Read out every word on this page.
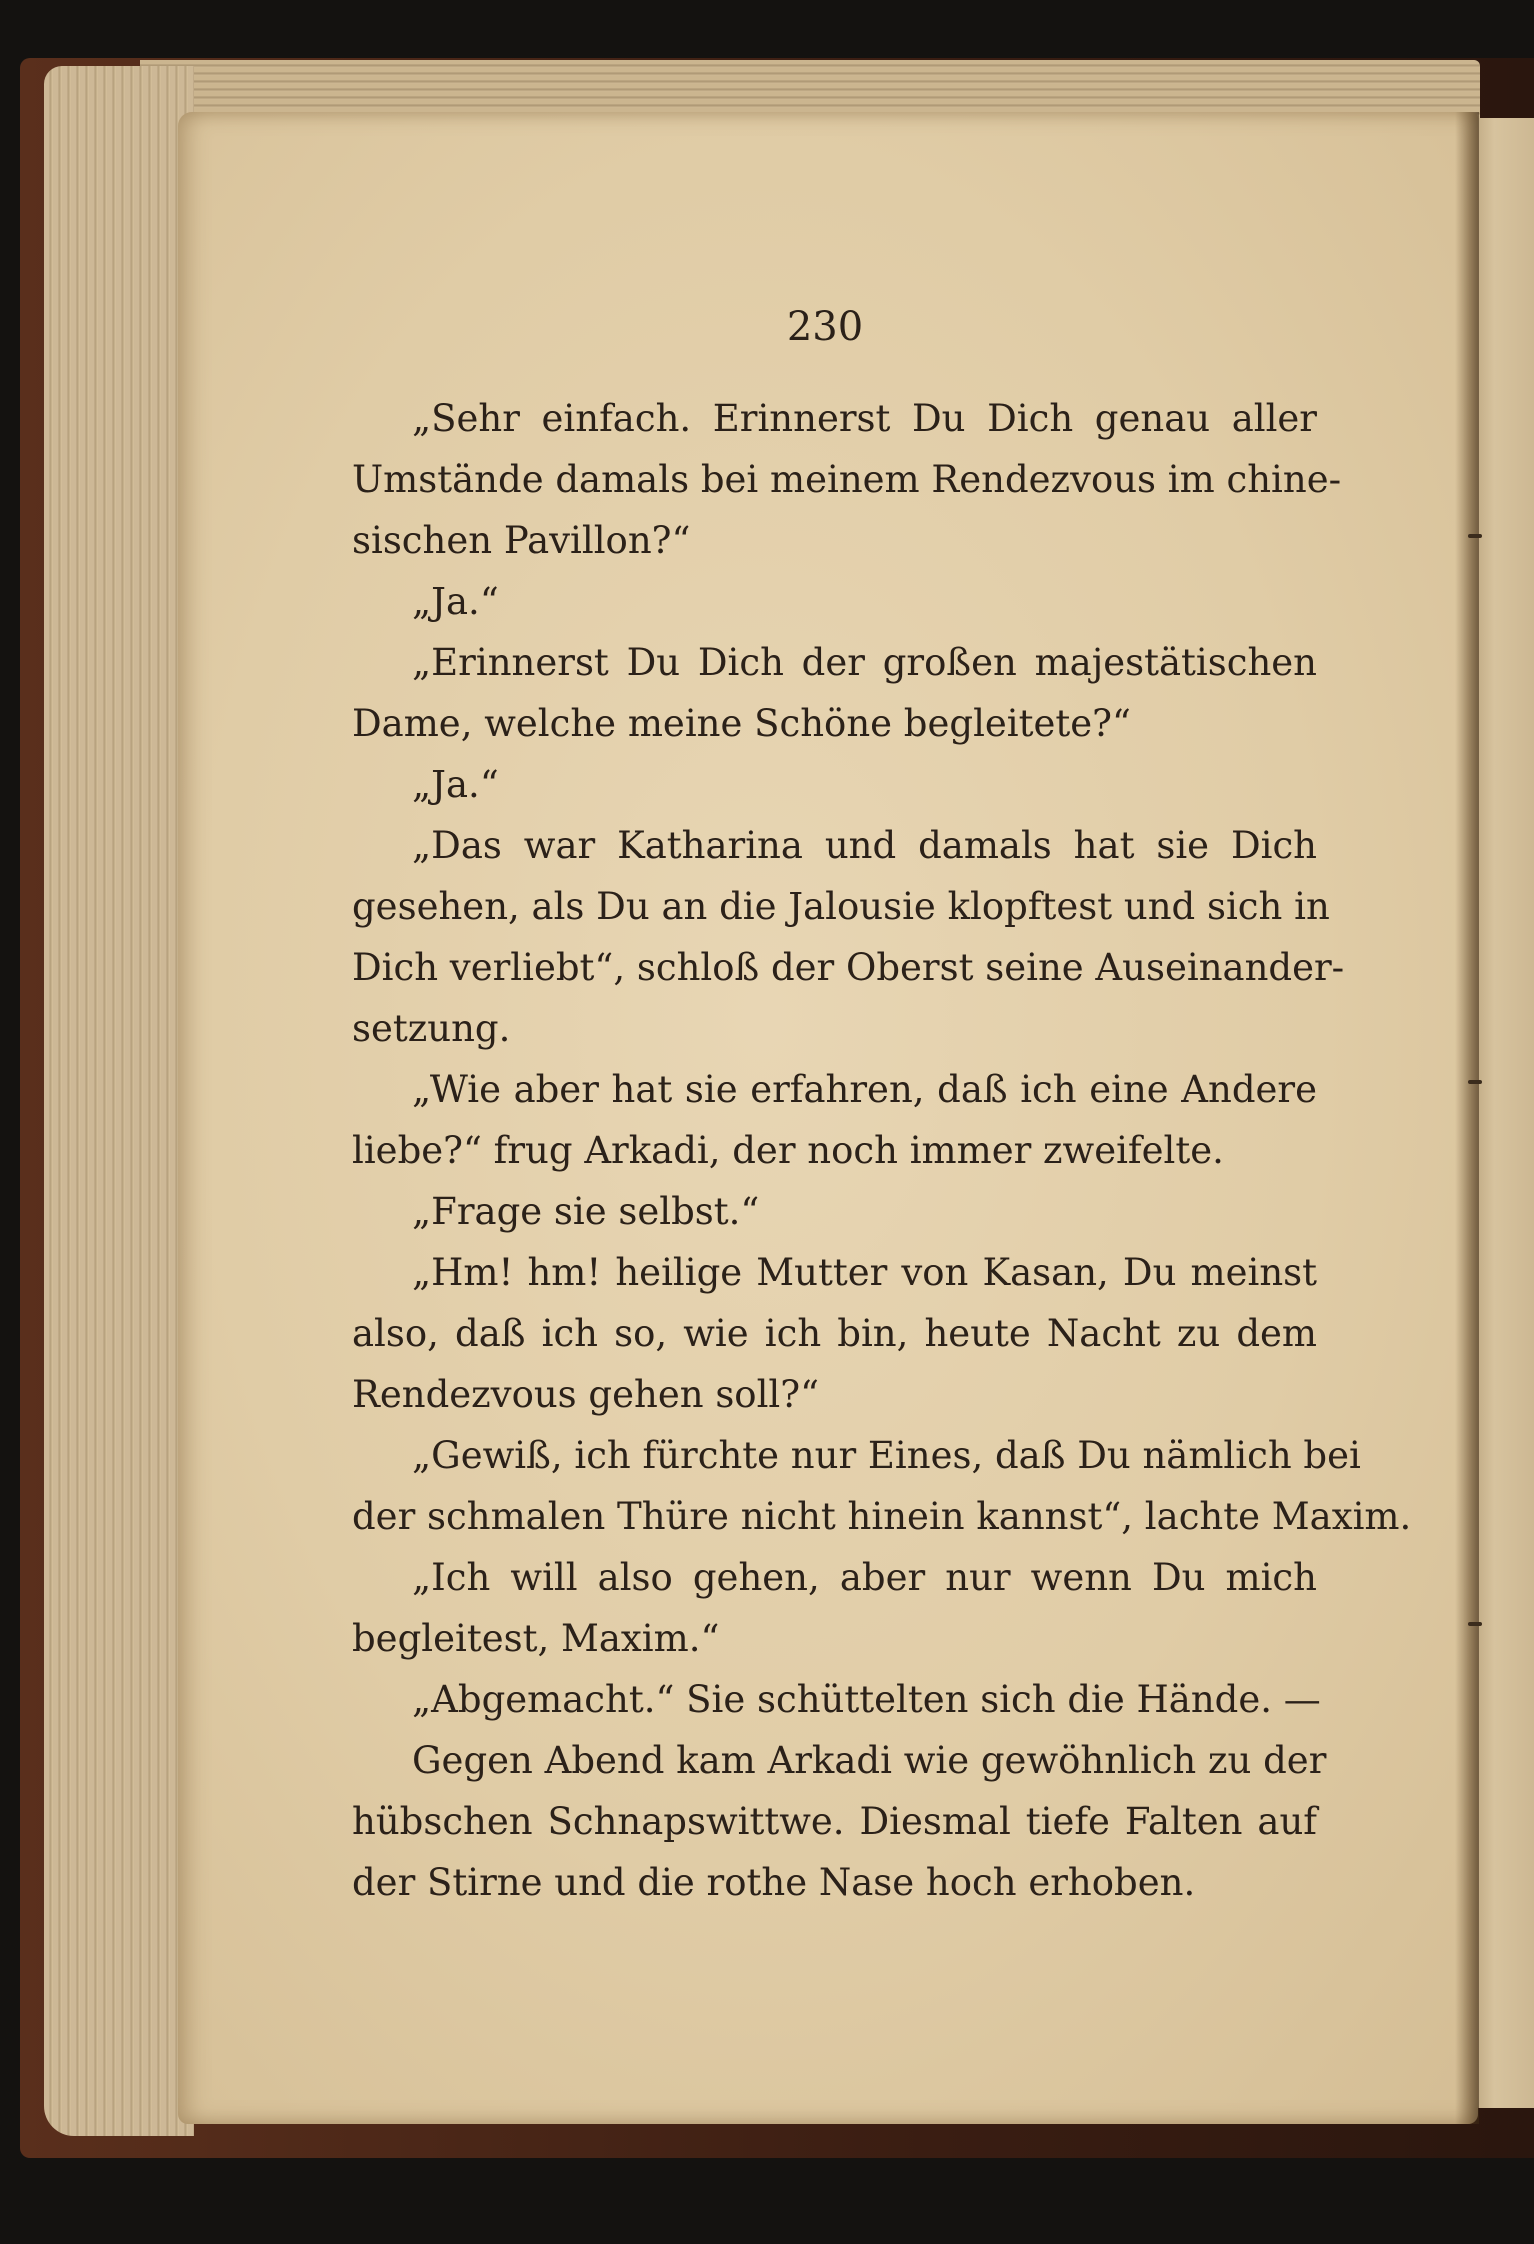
230
„Sehr einfach. Erinnerst Du Dich genau aller
Umstände damals bei meinem Rendezvous im chine-
sischen Pavillon?“
„Ja.“
„Erinnerst Du Dich der großen majestätischen
Dame, welche meine Schöne begleitete?“
„Ja.“
„Das war Katharina und damals hat sie Dich
gesehen, als Du an die Jalousie klopftest und sich in
Dich verliebt“, schloß der Oberst seine Auseinander-
setzung.
„Wie aber hat sie erfahren, daß ich eine Andere
liebe?“ frug Arkadi, der noch immer zweifelte.
„Frage sie selbst.“
„Hm! hm! heilige Mutter von Kasan, Du meinst
also, daß ich so, wie ich bin, heute Nacht zu dem
Rendezvous gehen soll?“
„Gewiß, ich fürchte nur Eines, daß Du nämlich bei
der schmalen Thüre nicht hinein kannst“, lachte Maxim.
„Ich will also gehen, aber nur wenn Du mich
begleitest, Maxim.“
„Abgemacht.“ Sie schüttelten sich die Hände. —
Gegen Abend kam Arkadi wie gewöhnlich zu der
hübschen Schnapswittwe. Diesmal tiefe Falten auf
der Stirne und die rothe Nase hoch erhoben.
